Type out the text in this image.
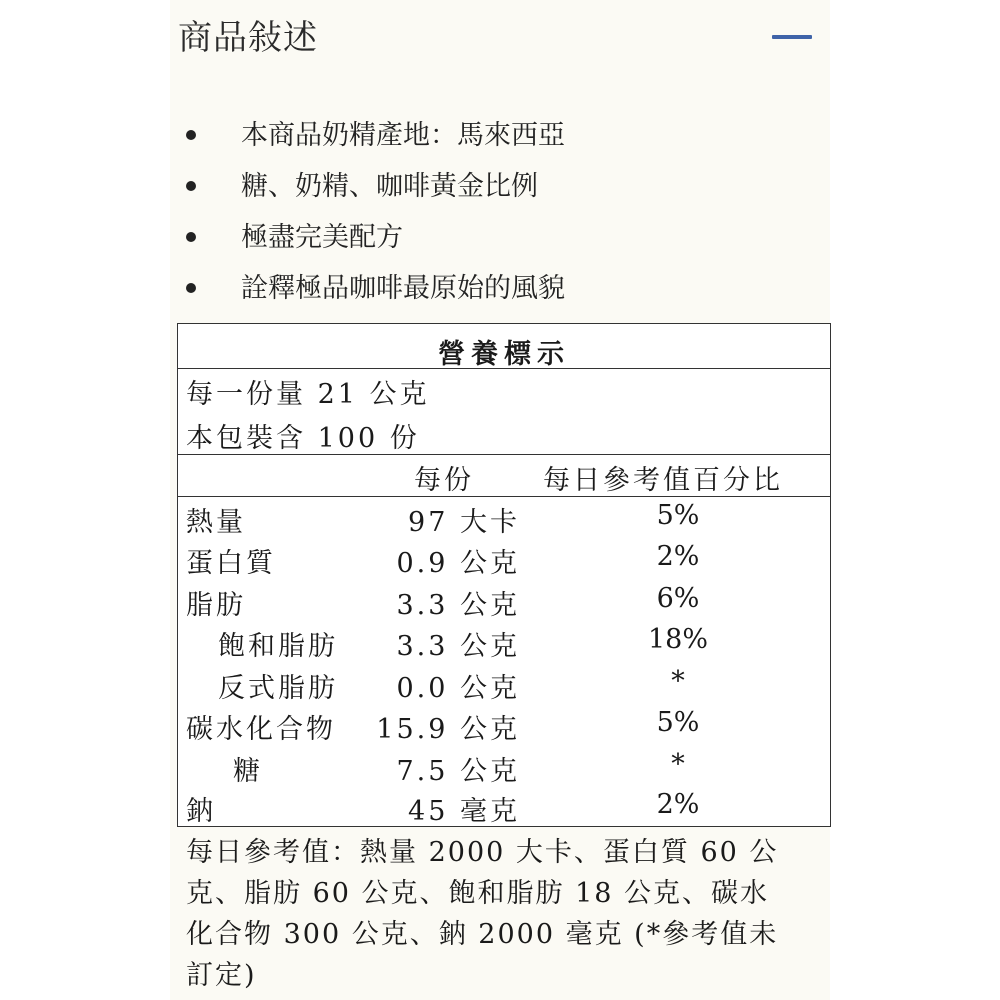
商品敍述
本商品奶精產地：馬來西亞
糖、奶精、咖啡黃金比例
極盡完美配方
詮釋極品咖啡最原始的風貌
營養標示
每一份量 21 公克
本包裝含 100 份
每份	每日參考值百分比
熱量	97 大卡	5%
蛋白質	0.9 公克	2%
脂肪	3.3 公克	6%
飽和脂肪 3.3 公克	18%
反式脂肪 0.0 公克	*
碳水化合物 15.9 公克	5%
糖	7.5 公克	*
鈉	45 毫克	2%
每日參考值：熱量 2000 大卡、蛋白質 60 公
克、脂肪 60 公克、飽和脂肪 18 公克、碳水
化合物 300 公克、鈉 2000 毫克 (*參考值未
訂定)
